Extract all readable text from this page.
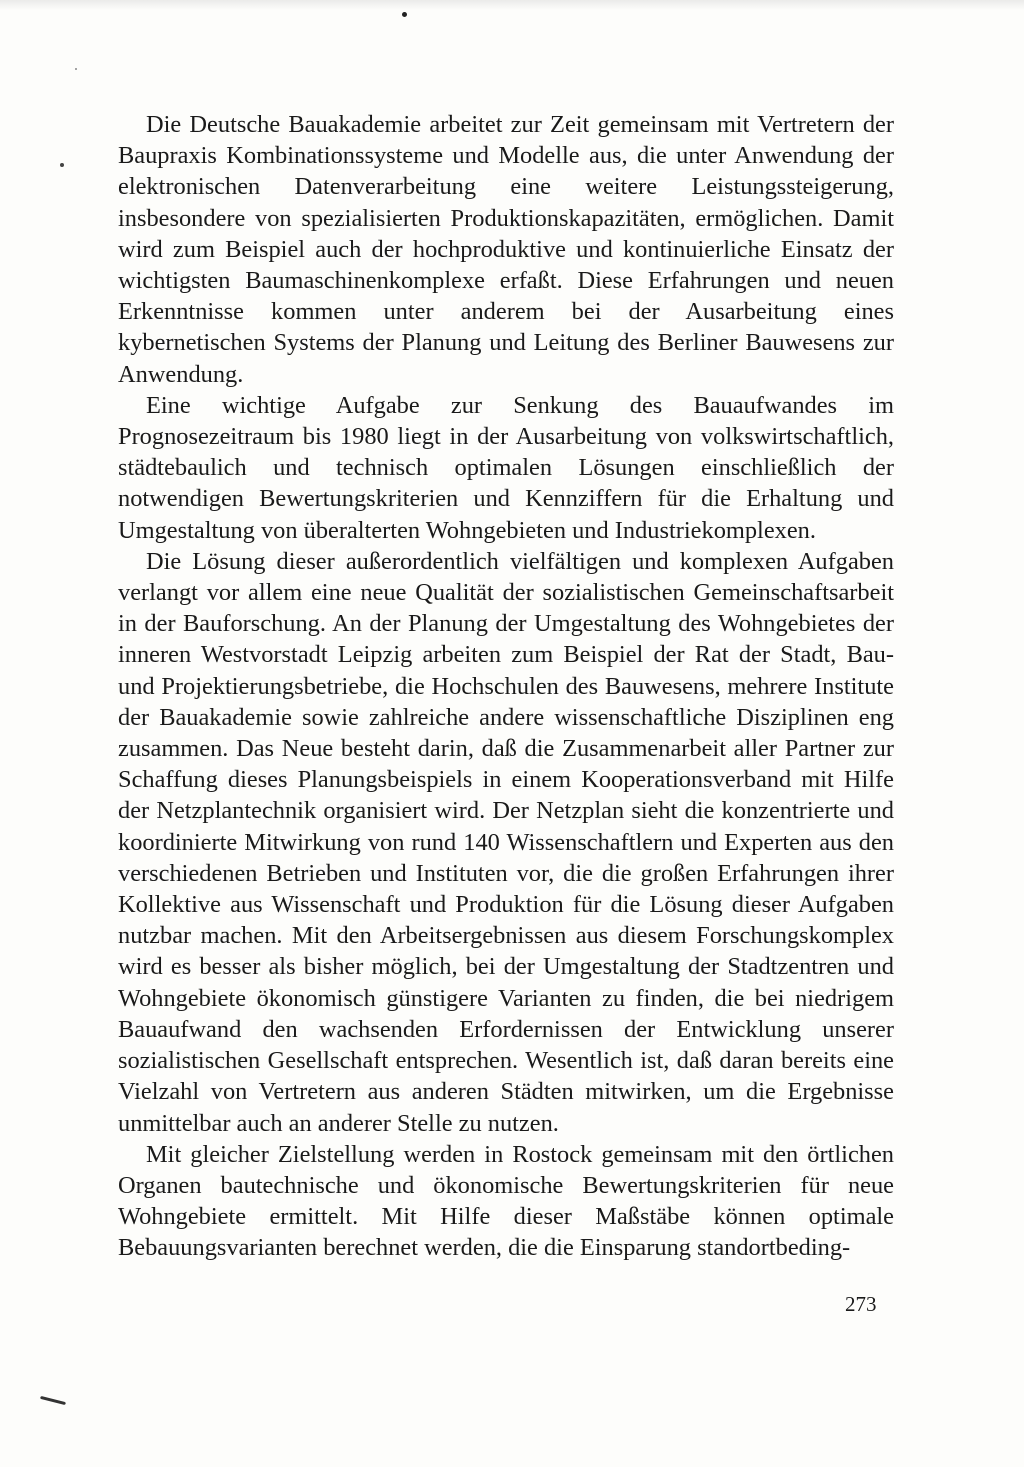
Die Deutsche Bauakademie arbeitet zur Zeit gemeinsam mit Vertretern der Baupraxis Kombinationssysteme und Modelle aus, die unter Anwendung der elektronischen Datenverarbeitung eine weitere Leistungssteigerung, insbesondere von spezialisierten Produktionskapazitäten, ermöglichen. Damit wird zum Beispiel auch der hochproduktive und kontinuierliche Einsatz der wichtigsten Baumaschinenkomplexe erfaßt. Diese Erfahrungen und neuen Erkenntnisse kommen unter anderem bei der Ausarbeitung eines kybernetischen Systems der Planung und Leitung des Berliner Bauwesens zur Anwendung.

Eine wichtige Aufgabe zur Senkung des Bauaufwandes im Prognosezeitraum bis 1980 liegt in der Ausarbeitung von volkswirtschaftlich, städtebaulich und technisch optimalen Lösungen einschließlich der notwendigen Bewertungskriterien und Kennziffern für die Erhaltung und Umgestaltung von überalterten Wohngebieten und Industriekomplexen.

Die Lösung dieser außerordentlich vielfältigen und komplexen Aufgaben verlangt vor allem eine neue Qualität der sozialistischen Gemeinschaftsarbeit in der Bauforschung. An der Planung der Umgestaltung des Wohngebietes der inneren Westvorstadt Leipzig arbeiten zum Beispiel der Rat der Stadt, Bau- und Projektierungsbetriebe, die Hochschulen des Bauwesens, mehrere Institute der Bauakademie sowie zahlreiche andere wissenschaftliche Disziplinen eng zusammen. Das Neue besteht darin, daß die Zusammenarbeit aller Partner zur Schaffung dieses Planungsbeispiels in einem Kooperationsverband mit Hilfe der Netzplantechnik organisiert wird. Der Netzplan sieht die konzentrierte und koordinierte Mitwirkung von rund 140 Wissenschaftlern und Experten aus den verschiedenen Betrieben und Instituten vor, die die großen Erfahrungen ihrer Kollektive aus Wissenschaft und Produktion für die Lösung dieser Aufgaben nutzbar machen. Mit den Arbeitsergebnissen aus diesem Forschungskomplex wird es besser als bisher möglich, bei der Umgestaltung der Stadtzentren und Wohngebiete ökonomisch günstigere Varianten zu finden, die bei niedrigem Bauaufwand den wachsenden Erfordernissen der Entwicklung unserer sozialistischen Gesellschaft entsprechen. Wesentlich ist, daß daran bereits eine Vielzahl von Vertretern aus anderen Städten mitwirken, um die Ergebnisse unmittelbar auch an anderer Stelle zu nutzen.

Mit gleicher Zielstellung werden in Rostock gemeinsam mit den örtlichen Organen bautechnische und ökonomische Bewertungskriterien für neue Wohngebiete ermittelt. Mit Hilfe dieser Maßstäbe können optimale Bebauungsvarianten berechnet werden, die die Einsparung standortbeding-

273
